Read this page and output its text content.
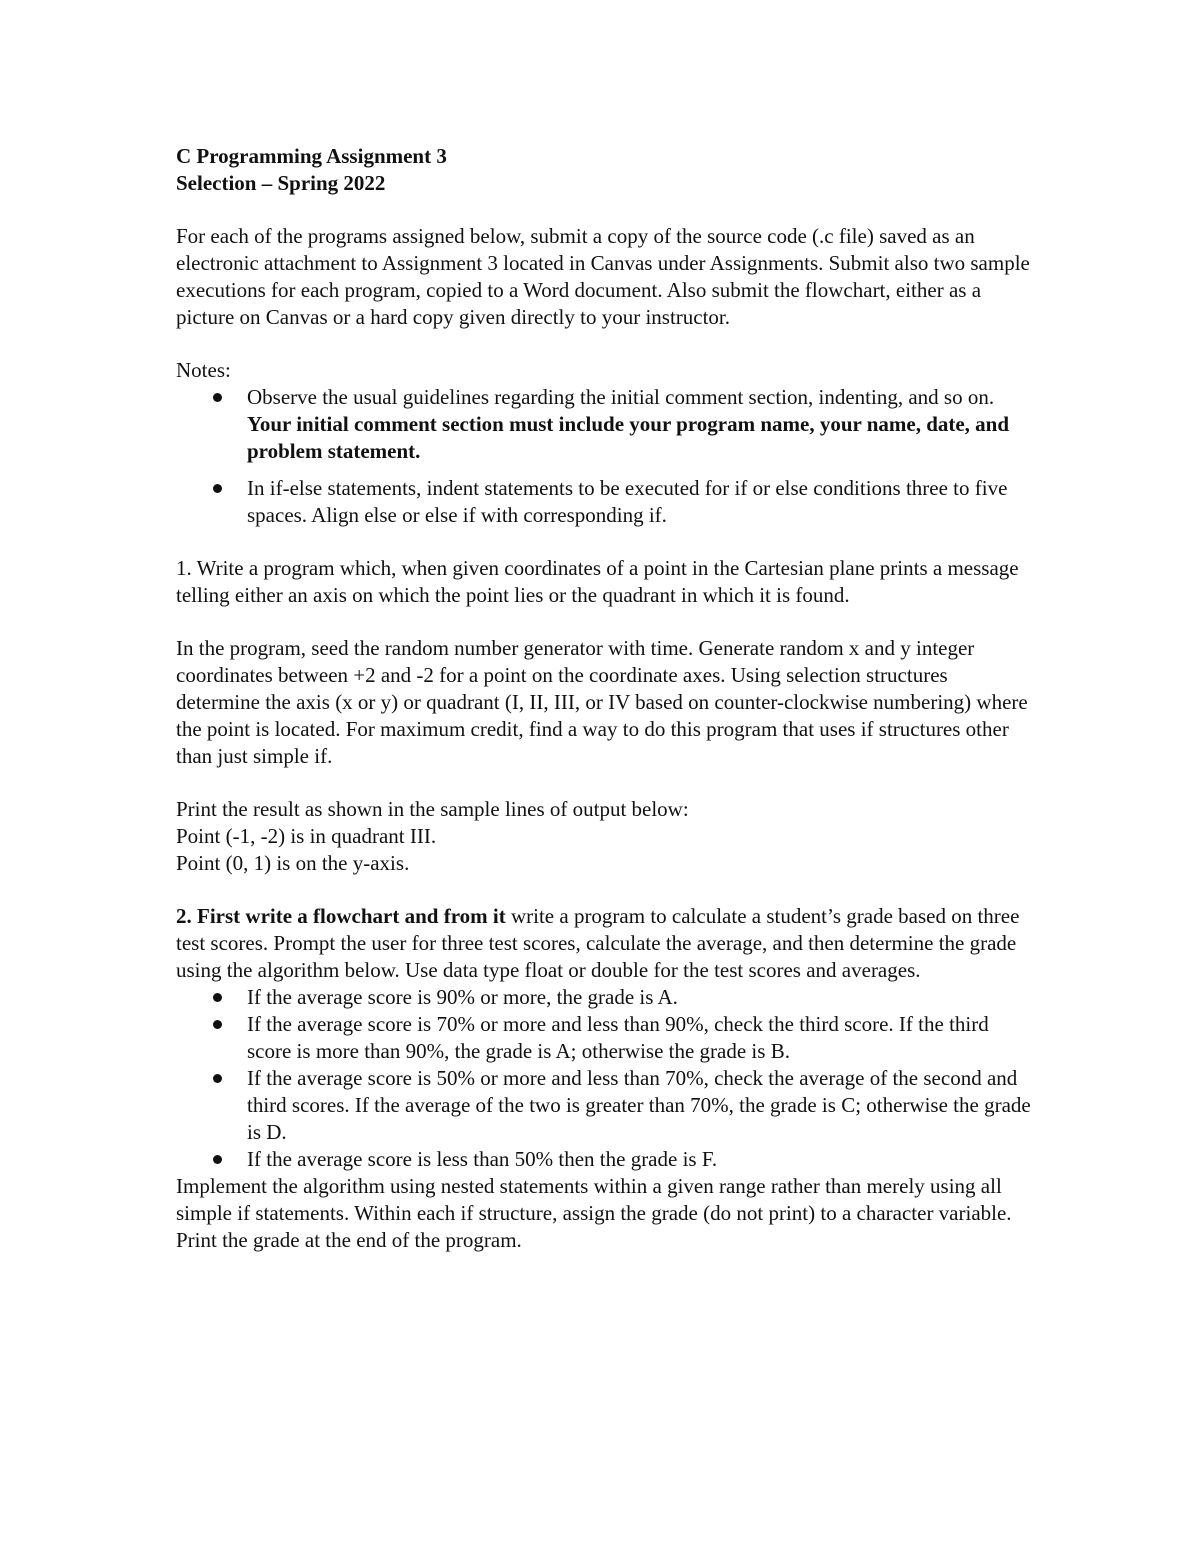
C Programming Assignment 3
Selection – Spring 2022

For each of the programs assigned below, submit a copy of the source code (.c file) saved as an electronic attachment to Assignment 3 located in Canvas under Assignments. Submit also two sample executions for each program, copied to a Word document. Also submit the flowchart, either as a picture on Canvas or a hard copy given directly to your instructor.

Notes:

Observe the usual guidelines regarding the initial comment section, indenting, and so on. Your initial comment section must include your program name, your name, date, and problem statement.
In if-else statements, indent statements to be executed for if or else conditions three to five spaces. Align else or else if with corresponding if.

1. Write a program which, when given coordinates of a point in the Cartesian plane prints a message telling either an axis on which the point lies or the quadrant in which it is found.

In the program, seed the random number generator with time. Generate random x and y integer coordinates between +2 and -2 for a point on the coordinate axes. Using selection structures determine the axis (x or y) or quadrant (I, II, III, or IV based on counter-clockwise numbering) where the point is located. For maximum credit, find a way to do this program that uses if structures other than just simple if.

Print the result as shown in the sample lines of output below:

Point (-1, -2) is in quadrant III.

Point (0, 1) is on the y-axis.

2. First write a flowchart and from it write a program to calculate a student’s grade based on three test scores. Prompt the user for three test scores, calculate the average, and then determine the grade using the algorithm below. Use data type float or double for the test scores and averages.

If the average score is 90% or more, the grade is A.
If the average score is 70% or more and less than 90%, check the third score. If the third score is more than 90%, the grade is A; otherwise the grade is B.
If the average score is 50% or more and less than 70%, check the average of the second and third scores. If the average of the two is greater than 70%, the grade is C; otherwise the grade is D.
If the average score is less than 50% then the grade is F.

Implement the algorithm using nested statements within a given range rather than merely using all simple if statements. Within each if structure, assign the grade (do not print) to a character variable. Print the grade at the end of the program.
